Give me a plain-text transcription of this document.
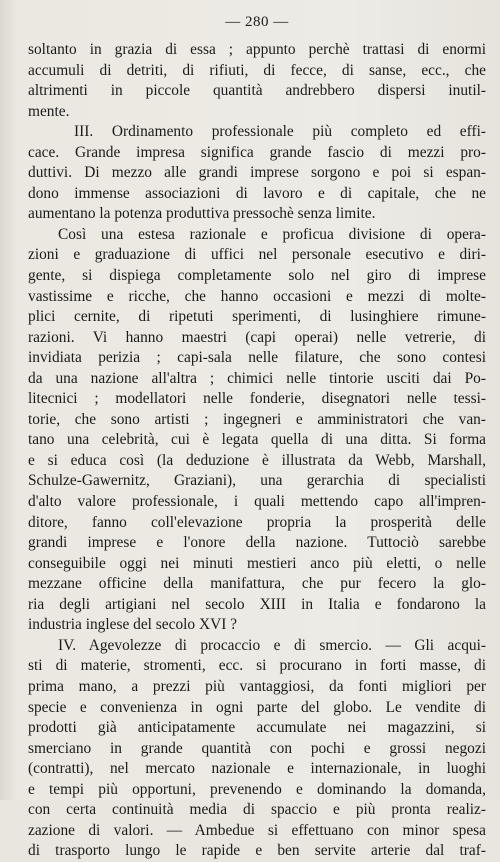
— 280 —
soltanto in grazia di essa ; appunto perchè trattasi di enormi
accumuli di detriti, di rifiuti, di fecce, di sanse, ecc., che
altrimenti in piccole quantità andrebbero dispersi inutil-
mente.
III. Ordinamento professionale più completo ed effi-
cace. Grande impresa significa grande fascio di mezzi pro-
duttivi. Di mezzo alle grandi imprese sorgono e poi si espan-
dono immense associazioni di lavoro e di capitale, che ne
aumentano la potenza produttiva pressochè senza limite.
Così una estesa razionale e proficua divisione di opera-
zioni e graduazione di uffici nel personale esecutivo e diri-
gente, si dispiega completamente solo nel giro di imprese
vastissime e ricche, che hanno occasioni e mezzi di molte-
plici cernite, di ripetuti sperimenti, di lusinghiere rimune-
razioni. Vi hanno maestri (capi operai) nelle vetrerie, di
invidiata perizia ; capi-sala nelle filature, che sono contesi
da una nazione all'altra ; chimici nelle tintorie usciti dai Po-
litecnici ; modellatori nelle fonderie, disegnatori nelle tessi-
torie, che sono artisti ; ingegneri e amministratori che van-
tano una celebrità, cui è legata quella di una ditta. Si forma
e si educa così (la deduzione è illustrata da Webb, Marshall,
Schulze-Gawernitz, Graziani), una gerarchia di specialisti
d'alto valore professionale, i quali mettendo capo all'impren-
ditore, fanno coll'elevazione propria la prosperità delle
grandi imprese e l'onore della nazione. Tuttociò sarebbe
conseguibile oggi nei minuti mestieri anco più eletti, o nelle
mezzane officine della manifattura, che pur fecero la glo-
ria degli artigiani nel secolo XIII in Italia e fondarono la
industria inglese del secolo XVI ?
IV. Agevolezze di procaccio e di smercio. — Gli acqui-
sti di materie, stromenti, ecc. si procurano in forti masse, di
prima mano, a prezzi più vantaggiosi, da fonti migliori per
specie e convenienza in ogni parte del globo. Le vendite di
prodotti già anticipatamente accumulate nei magazzini, si
smerciano in grande quantità con pochi e grossi negozi
(contratti), nel mercato nazionale e internazionale, in luoghi
e tempi più opportuni, prevenendo e dominando la domanda,
con certa continuità media di spaccio e più pronta realiz-
zazione di valori. — Ambedue si effettuano con minor spesa
di trasporto lungo le rapide e ben servite arterie dal traf-
